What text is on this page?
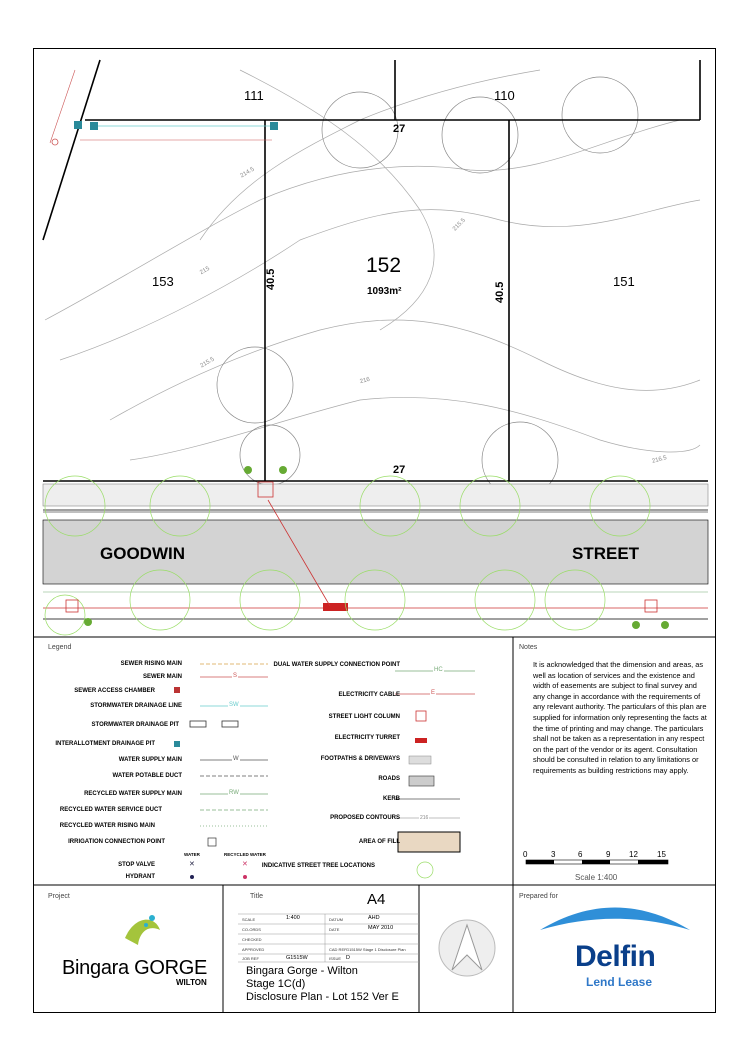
✕	✕
111	110
27
153	151
152
1093m²
40.5
40.5
27
GOODWIN	STREET
214.5
215
215.5
216
216.5
215.5
Legend
SEWER RISING MAIN
SEWER MAIN
SEWER ACCESS CHAMBER
STORMWATER DRAINAGE LINE
STORMWATER DRAINAGE PIT
INTERALLOTMENT DRAINAGE PIT
WATER SUPPLY MAIN
WATER POTABLE DUCT
RECYCLED WATER SUPPLY MAIN
RECYCLED WATER SERVICE DUCT
RECYCLED WATER RISING MAIN
IRRIGATION CONNECTION POINT
STOP VALVE
HYDRANT
WATER	RECYCLED WATER
S
SW
W
RW
HC
E
216
DUAL WATER SUPPLY CONNECTION POINT
ELECTRICITY CABLE
STREET LIGHT COLUMN
ELECTRICITY TURRET
FOOTPATHS & DRIVEWAYS
ROADS
KERB
PROPOSED CONTOURS
AREA OF FILL
INDICATIVE STREET TREE LOCATIONS
Notes
It is acknowledged that the dimension and areas, as well as location of services and the existence and width of easements are subject to final survey and any change in accordance with the requirements of any relevant authority. The particulars of this plan are supplied for information only representing the facts at the time of printing and may change. The particulars shall not be taken as a representation in any respect on the part of the vendor or its agent. Consultation should be consulted in relation to any limitations or requirements as building restrictions may apply.
0	3	6	9 12 15
Scale 1:400
Project	Title	Prepared for
A4
SCALE	1:400
CO-ORDS
CHECKED
APPROVED
JOB REF	G1515W
DATUM	AHD
DATE	MAY 2010
CAD REF G1515W Stage 1 Disclosure Plan
ISSUE D
Bingara Gorge - Wilton
Stage 1C(d)
Disclosure Plan - Lot 152 Ver E
Bingara GORGE
WILTON
Delfin
Lend Lease
